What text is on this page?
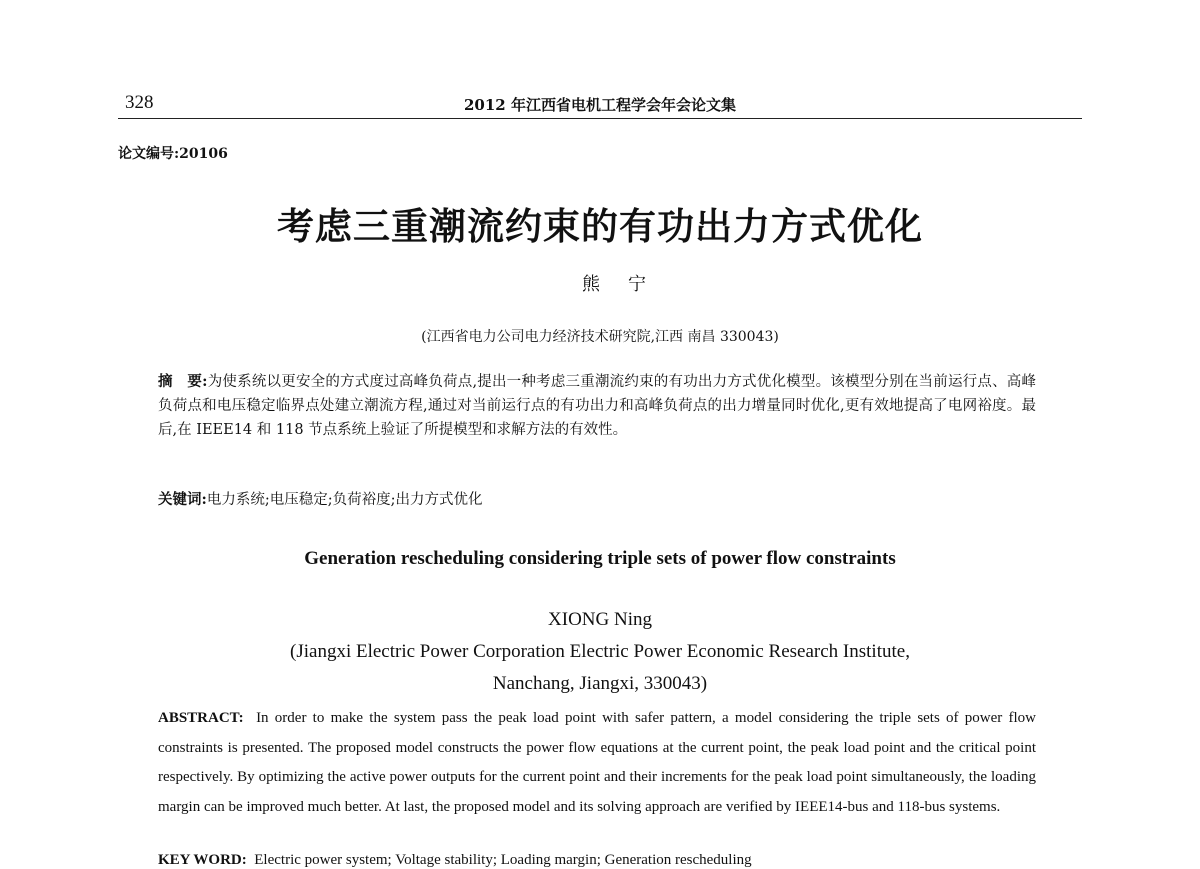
328	2012 年江西省电机工程学会年会论文集
论文编号:20106
考虑三重潮流约束的有功出力方式优化
熊宁
(江西省电力公司电力经济技术研究院,江西 南昌 330043)
摘　要:为使系统以更安全的方式度过高峰负荷点,提出一种考虑三重潮流约束的有功出力方式优化模型。该模型分别在当前运行点、高峰负荷点和电压稳定临界点处建立潮流方程,通过对当前运行点的有功出力和高峰负荷点的出力增量同时优化,更有效地提高了电网裕度。最后,在 IEEE14 和 118 节点系统上验证了所提模型和求解方法的有效性。
关键词:电力系统;电压稳定;负荷裕度;出力方式优化
Generation rescheduling considering triple sets of power flow constraints
XIONG Ning
(Jiangxi Electric Power Corporation Electric Power Economic Research Institute,
Nanchang, Jiangxi, 330043)
ABSTRACT: In order to make the system pass the peak load point with safer pattern, a model considering the triple sets of power flow constraints is presented. The proposed model constructs the power flow equations at the current point, the peak load point and the critical point respectively. By optimizing the active power outputs for the current point and their increments for the peak load point simultaneously, the loading margin can be improved much better. At last, the proposed model and its solving approach are verified by IEEE14-bus and 118-bus systems.
KEY WORD: Electric power system; Voltage stability; Loading margin; Generation rescheduling
